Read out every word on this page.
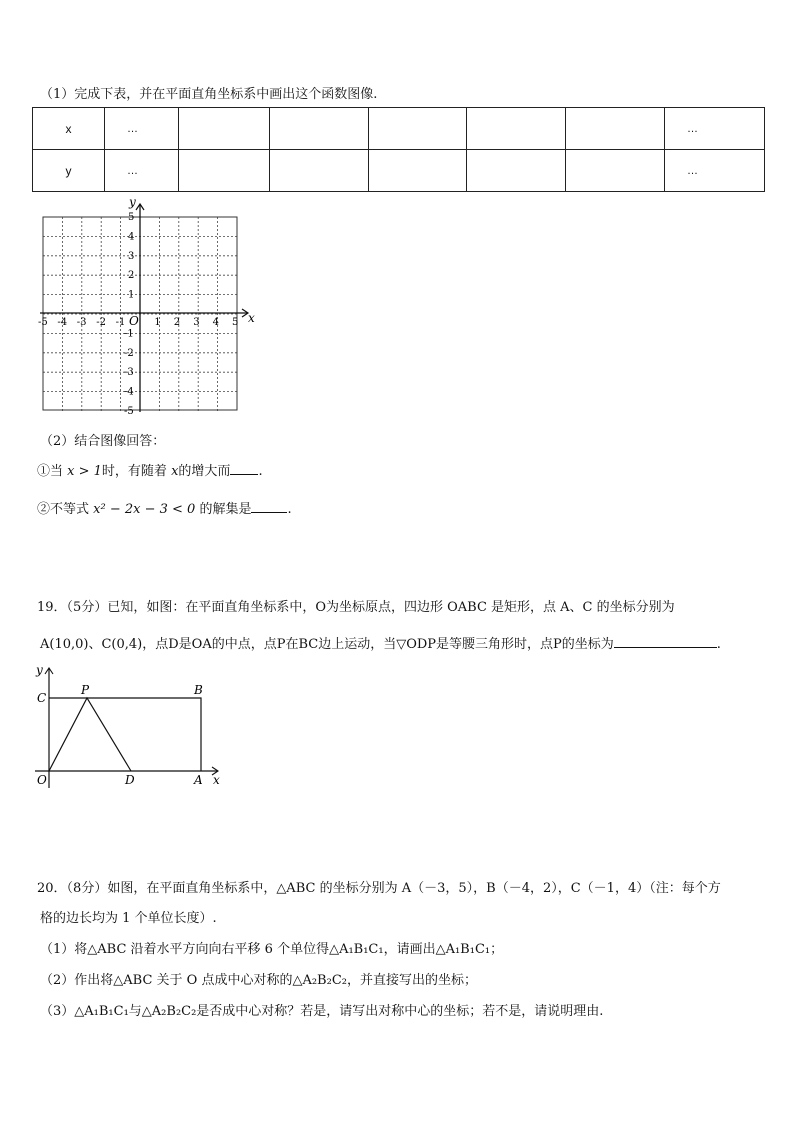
（1）完成下表，并在平面直角坐标系中画出这个函数图像.
x	…						…
y	…						…
x
y
O
-5 -4 -3 -2 -1	1 2 3 4 5
5
4
3
2
1
-1
-2
-3
-4
-5
（2）结合图像回答：
①当 x > 1时，有随着 x的增大而 .
②不等式 x² − 2x − 3 < 0 的解集是	.
19．（5分）已知，如图：在平面直角坐标系中，O为坐标原点，四边形 OABC 是矩形，点 A、C 的坐标分别为
A(10,0)、C(0,4)，点D是OA的中点，点P在BC边上运动，当▽ODP是等腰三角形时，点P的坐标为	.
y
C
P	B
O	D	A x
20．（8分）如图，在平面直角坐标系中，△ABC 的坐标分别为 A（－3，5），B（－4，2），C（－1，4）（注：每个方
格的边长均为 1 个单位长度）.
（1）将△ABC 沿着水平方向向右平移 6 个单位得△A₁B₁C₁，请画出△A₁B₁C₁；
（2）作出将△ABC 关于 O 点成中心对称的△A₂B₂C₂，并直接写出的坐标；
（3）△A₁B₁C₁与△A₂B₂C₂是否成中心对称？若是，请写出对称中心的坐标；若不是，请说明理由.
